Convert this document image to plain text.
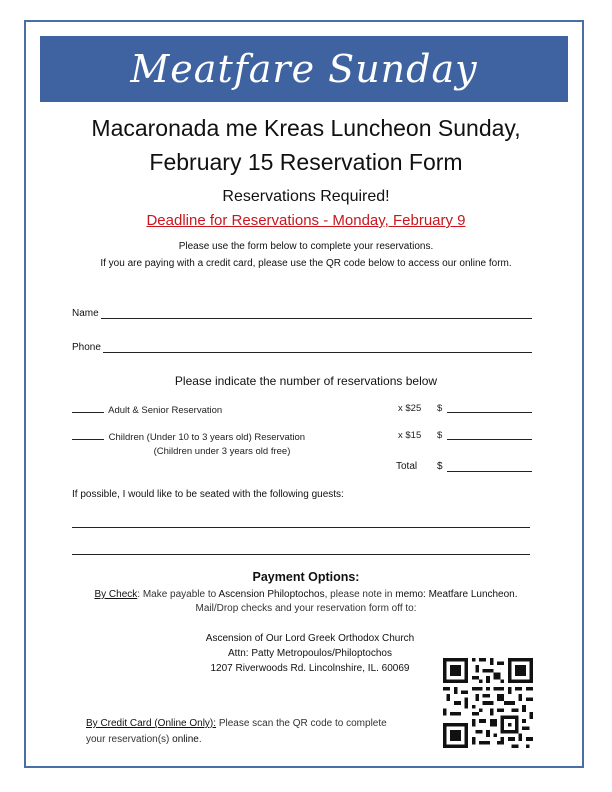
Meatfare Sunday
Macaronada me Kreas Luncheon Sunday,
February 15 Reservation Form
Reservations Required!
Deadline for Reservations - Monday, February 9
Please use the form below to complete your reservations.
If you are paying with a credit card, please use the QR code below to access our online form.
Name
Phone
Please indicate the number of reservations below
Adult & Senior Reservation	x $25 $
Children (Under 10 to 3 years old) Reservation	x $15 $
(Children under 3 years old free)
Total $
If possible, I would like to be seated with the following guests:
Payment Options:
By Check: Make payable to Ascension Philoptochos, please note in memo: Meatfare Luncheon. Mail/Drop checks and your reservation form off to:
Ascension of Our Lord Greek Orthodox Church
Attn: Patty Metropoulos/Philoptochos
1207 Riverwoods Rd. Lincolnshire, IL. 60069
By Credit Card (Online Only): Please scan the QR code to complete your reservation(s) online.
